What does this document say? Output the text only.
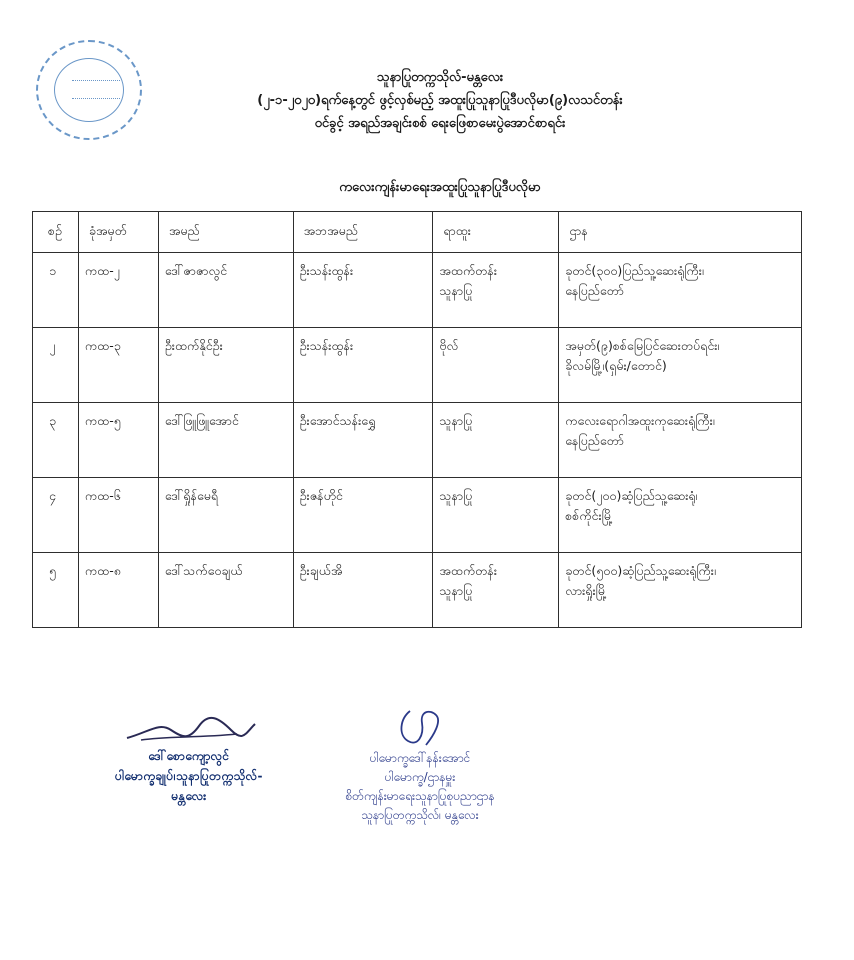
သူနာပြုတက္ကသိုလ်-မန္တလေး
(၂-၁-၂၀၂၀)ရက်နေ့တွင် ဖွင့်လှစ်မည့် အထူးပြုသူနာပြုဒီပလိုမာ(၉)လသင်တန်း
ဝင်ခွင့် အရည်အချင်းစစ် ရေးဖြေစာမေးပွဲအောင်စာရင်း
ကလေးကျန်းမာရေးအထူးပြုသူနာပြုဒီပလိုမာ
စဉ်	ခုံအမှတ်	အမည်	အဘအမည်	ရာထူး	ဌာန
၁	ကထ-၂	ဒေါ်ဇာဇာလွင်	ဦးသန်းထွန်း	အထက်တန်း
သူနာပြု	ခုတင်(၃၀၀)ပြည်သူ့ဆေးရုံကြီး၊
နေပြည်တော်

၂	ကထ-၃	ဦးထက်နိုင်ဦး	ဦးသန်းထွန်း	ဗိုလ်	အမှတ်(၉)စစ်မြေပြင်ဆေးတပ်ရင်း၊
ခိုလမ်မြို့၊(ရှမ်း/တောင်)

၃	ကထ-၅	ဒေါ်ဖြူဖြူအောင်	ဦးအောင်သန်းရွှေ	သူနာပြု	ကလေးရောဂါအထူးကုဆေးရုံကြီး၊
နေပြည်တော်

၄	ကထ-၆	ဒေါ်ရှိုန်မေရီ	ဦးဇန်ဟိုင်	သူနာပြု	ခုတင်(၂၀၀)ဆံ့ပြည်သူ့ဆေးရုံ၊
စစ်ကိုင်းမြို့

၅	ကထ-၈	ဒေါ်သက်ဝေချယ်	ဦးချယ်အိ	အထက်တန်း
သူနာပြု	ခုတင်(၅၀၀)ဆံ့ပြည်သူ့ဆေးရုံကြီး၊
လားရှိုးမြို့
ဒေါ်စောကျော့လွင်
ပါမောက္ခချုပ်၊သူနာပြုတက္ကသိုလ်-မန္တလေး
ပါမောက္ခဒေါ်နန်းအောင်
ပါမောက္ခ/ဌာနမှူး
စိတ်ကျန်းမာရေးသူနာပြုစုပညာဌာန
သူနာပြုတက္ကသိုလ်၊ မန္တလေး
